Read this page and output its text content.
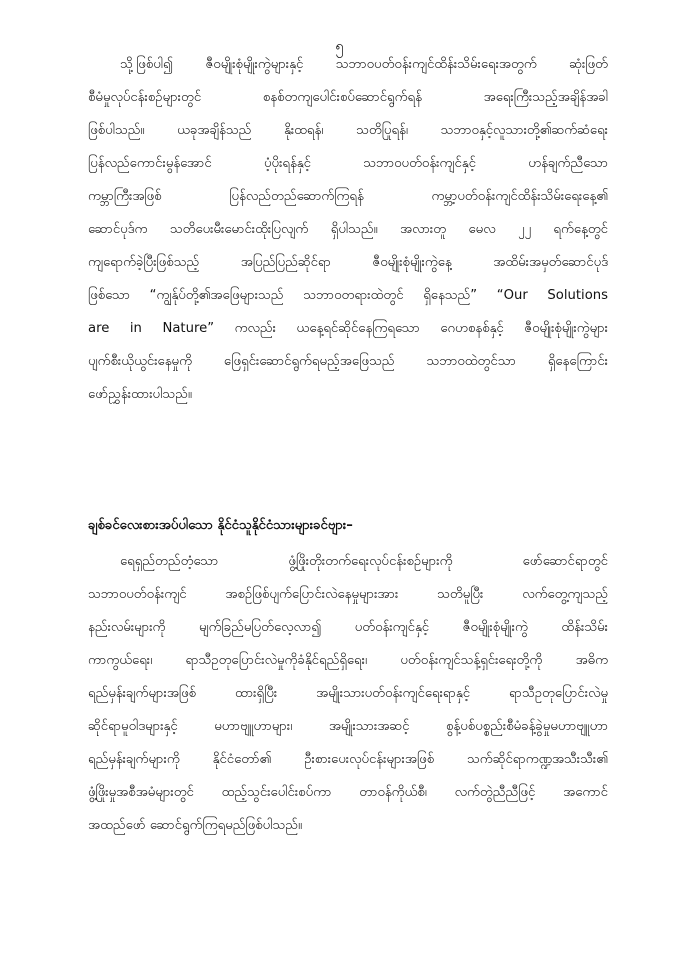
၅
သို့ဖြစ်ပါ၍ ဇီဝမျိုးစုံမျိုးကွဲများနှင့် သဘာဝပတ်ဝန်းကျင်ထိန်းသိမ်းရေးအတွက် ဆုံးဖြတ်
စီမံမှုလုပ်ငန်းစဉ်များတွင် စနစ်တကျပေါင်းစပ်ဆောင်ရွက်ရန် အရေးကြီးသည့်အချိန်အခါ
ဖြစ်ပါသည်။ ယခုအချိန်သည် နိုးထရန်၊ သတိပြုရန်၊ သဘာဝနှင့်လူသားတို့၏ဆက်ဆံရေး
ပြန်လည်ကောင်းမွန်အောင် ပံ့ပိုးရန်နှင့် သဘာဝပတ်ဝန်းကျင်နှင့် ဟန်ချက်ညီသော
ကမ္ဘာကြီးအဖြစ် ပြန်လည်တည်ဆောက်ကြရန် ကမ္ဘာ့ပတ်ဝန်းကျင်ထိန်းသိမ်းရေးနေ့၏
ဆောင်ပုဒ်က သတိပေးမီးမောင်းထိုးပြလျက် ရှိပါသည်။ အလားတူ မေလ ၂၂ ရက်နေ့တွင်
ကျရောက်ခဲ့ပြီးဖြစ်သည့် အပြည်ပြည်ဆိုင်ရာ ဇီဝမျိုးစုံမျိုးကွဲနေ့ အထိမ်းအမှတ်ဆောင်ပုဒ်
ဖြစ်သော “ကျွန်ုပ်တို့၏အဖြေများသည် သဘာဝတရားထဲတွင် ရှိနေသည်” “Our Solutions
are in Nature” ကလည်း ယနေ့ရင်ဆိုင်နေကြရသော ဂေဟစနစ်နှင့် ဇီဝမျိုးစုံမျိုးကွဲများ
ပျက်စီးယိုယွင်းနေမှုကို ဖြေရှင်းဆောင်ရွက်ရမည့်အဖြေသည် သဘာဝထဲတွင်သာ ရှိနေကြောင်း
ဖော်ညွှန်းထားပါသည်။
ချစ်ခင်လေးစားအပ်ပါသော နိုင်ငံသူနိုင်ငံသားများခင်ဗျား–
ရေရှည်တည်တံ့သော ဖွံ့ဖြိုးတိုးတက်ရေးလုပ်ငန်းစဉ်များကို ဖော်ဆောင်ရာတွင်
သဘာဝပတ်ဝန်းကျင် အစဉ်ဖြစ်ပျက်ပြောင်းလဲနေမှုများအား သတိမူပြီး လက်တွေ့ကျသည့်
နည်းလမ်းများကို မျက်ခြည်မပြတ်လေ့လာ၍ ပတ်ဝန်းကျင်နှင့် ဇီဝမျိုးစုံမျိုးကွဲ ထိန်းသိမ်း
ကာကွယ်ရေး၊ ရာသီဥတုပြောင်းလဲမှုကိုခံနိုင်ရည်ရှိရေး၊ ပတ်ဝန်းကျင်သန့်ရှင်းရေးတို့ကို အဓိက
ရည်မှန်းချက်များအဖြစ် ထားရှိပြီး အမျိုးသားပတ်ဝန်းကျင်ရေးရာနှင့် ရာသီဥတုပြောင်းလဲမှု
ဆိုင်ရာမူဝါဒများနှင့် မဟာဗျူဟာများ၊ အမျိုးသားအဆင့် စွန့်ပစ်ပစ္စည်းစီမံခန့်ခွဲမှုမဟာဗျူဟာ
ရည်မှန်းချက်များကို နိုင်ငံတော်၏ ဦးစားပေးလုပ်ငန်းများအဖြစ် သက်ဆိုင်ရာကဏ္ဍအသီးသီး၏
ဖွံ့ဖြိုးမှုအစီအမံများတွင် ထည့်သွင်းပေါင်းစပ်ကာ တာဝန်ကိုယ်စီ၊ လက်တွဲညီညီဖြင့် အကောင်
အထည်ဖော် ဆောင်ရွက်ကြရမည်ဖြစ်ပါသည်။
